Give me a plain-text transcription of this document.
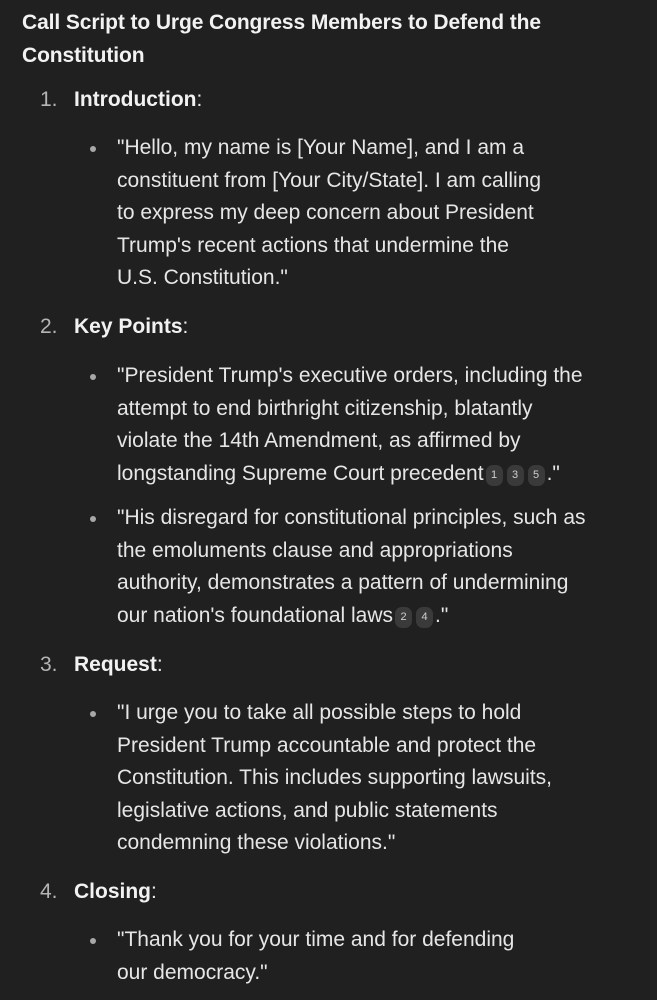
Call Script to Urge Congress Members to Defend the Constitution
1. Introduction:
"Hello, my name is [Your Name], and I am a
constituent from [Your City/State]. I am calling
to express my deep concern about President
Trump's recent actions that undermine the
U.S. Constitution."
2. Key Points:
"President Trump's executive orders, including the
attempt to end birthright citizenship, blatantly
violate the 14th Amendment, as affirmed by
longstanding Supreme Court precedent 1 3 5 ."
"His disregard for constitutional principles, such as
the emoluments clause and appropriations
authority, demonstrates a pattern of undermining
our nation's foundational laws 2 4 ."
3. Request:
"I urge you to take all possible steps to hold
President Trump accountable and protect the
Constitution. This includes supporting lawsuits,
legislative actions, and public statements
condemning these violations."
4. Closing:
"Thank you for your time and for defending
our democracy."
